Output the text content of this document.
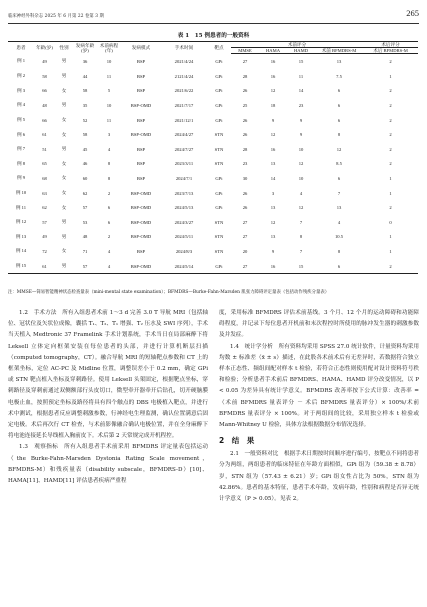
临床神经外科杂志 2025 年 6 月第 22 卷第 3 期	265
表 1　15 例患者的一般资料
患者	年龄(岁)	性别	发病年龄(岁)	术前病程(年)	发病模式	手术时间	靶点	术前评分				术后评分
								MMSE	HAMA	HAMD	术前 BFMDRS-M	术后 BFMDRS-M
例 1	49	男	36	10	BSP	2021/4/24	GPi	27	16	15	13	2
例 2	58	男	44	11	BSP	2121/4/24	GPi	28	16	11	7.5	1
例 3	66	女	58	5	BSP	2021/6/22	GPi	26	12	14	6	2
例 4	48	男	35	10	BSP-OMD	2021/7/17	GPi	25	18	23	6	2
例 5	66	女	52	11	BSP	2021/12/1	GPi	26	9	9	6	2
例 6	61	女	58	3	BSP-OMD	2024/4/27	STN	26	12	9	8	2
例 7	51	男	45	4	BSP	2024/7/27	STN	28	16	10	12	2
例 8	65	女	46	8	BSP	2023/3/11	STN	23	13	12	8.5	2
例 9	68	女	60	8	BSP	2024/7/1	GPi	30	14	10	6	1
例 10	63	女	62	2	BSP-OMD	2023/7/13	GPi	26	3	4	7	1
例 11	62	女	57	6	BSP-OMD	2024/5/13	GPi	26	13	12	13	2
例 12	57	男	53	6	BSP-OMD	2024/3/27	STN	27	12	7	4	0
例 13	49	男	48	2	BSP-OMD	2024/5/11	STN	27	13	8	10.5	1
例 14	72	女	71	4	BSP	2024/8/3	STN	20	9	7	8	1
例 15	61	男	57	4	BSP-OMD	2024/5/14	GPi	27	16	15	6	2
注：MMSE—简易智能精神状态检查量表（mini-mental state examination）；BFMDRS—Burke-Fahn-Marsden 肌张力障碍评定量表（包括动作残疾分量表）

1.2　手术方法　所有入组患者术前 1～3 d 完善 3.0 T 导航 MRI（包括轴位、冠状位及矢状位成像，囊括 T₁、T₂、T₁ 增强、T₂ 压水及 SWI 序列），手术当天植入 Medtronic 37 Framelink 手术计划系统，手术当日在局部麻醉下将 Leksell 立体定向框架安装在每位患者的头部，并进行计算机断层扫描（computed tomography，CT）。融合导航 MRI 的短轴靶点参数和 CT 上的框架坐标，定位 AC-PC 及 Midline 位置，调整误差小于 0.2 mm，确定 GPi 或 STN 靶点植入坐标及穿刺路径。使用 Leksell 头架固定，根据靶点坐标，穿刺路径及穿刺前通过双侧额部行头皮切口，微型牵开器牵开后钻孔，切开硬脑膜电极止血，按照预定坐标及路径将具有四个触点的 DBS 电极植入靶点，并进行术中测试，根据患者反应调整刺激参数，行神经电生理监测，确认位置满意后固定电极。术后再次行 CT 检查，与术前影像融合确认电极位置，并在全身麻醉下将电池连接延长导线植入胸前皮下。术后第 2 天常规完成开机程控。

1.3　观察指标　所有入组患者手术前采用 BFMDRS 评定量表包括运动（the Burke-Fahn-Marsden Dystonia Rating Scale movement，BFMDRS-M）和残疾量表（disability subscale，BFMDRS-D）[10]、HAMA[11]、HAMD[11] 评估患者疾病严重程

度，采用标准 BFMDRS 评估术前基线。3 个月、12 个月的运动障碍和功能障碍程度，并记录下每位患者开机前和末次程控时所使用的脉冲发生器的刺激参数及并发症。

1.4　统计学分析　所有资料均采用 SPSS 27.0 统计软件，计量资料均采用均数 ± 标准差（x̄ ± s）描述，在此股各术前术后有无差异时，若数据符合独立样本正态性、频组间配对样本 t 检验，若符合正态性则使用配对设计资料符号秩和检验；分析患者手术前后 BFMDRS、HAMA、HAMD 评分改变情况，以 P < 0.05 为差异具有统计学意义。BFMDRS 改善率按下公式计算：改善率 =（术前 BFMDRS 量表评分 － 术后 BFMDRS 量表评分）× 100%/术前 BFMDRS 量表评分 × 100%。对于两组间的比较，采用独立样本 t 检验或 Mann-Whitney U 检验，具体方法根据数据分布情况选择。

2　结　果

2.1　一般资料对比　根据手术日期按时间顺序进行编号，按靶点不同将患者分为两组，两组患者的临床特征在年龄方面相似，GPi 组为（59.38 ± 8.78）岁，STN 组为（57.43 ± 6.21）岁；GPi 组女性占比为 50%，STN 组为 42.86%。患者的基本特征，患者手术年龄，发病年龄，性别和病程是否异无统计学意义（P > 0.05）。见表 2。
